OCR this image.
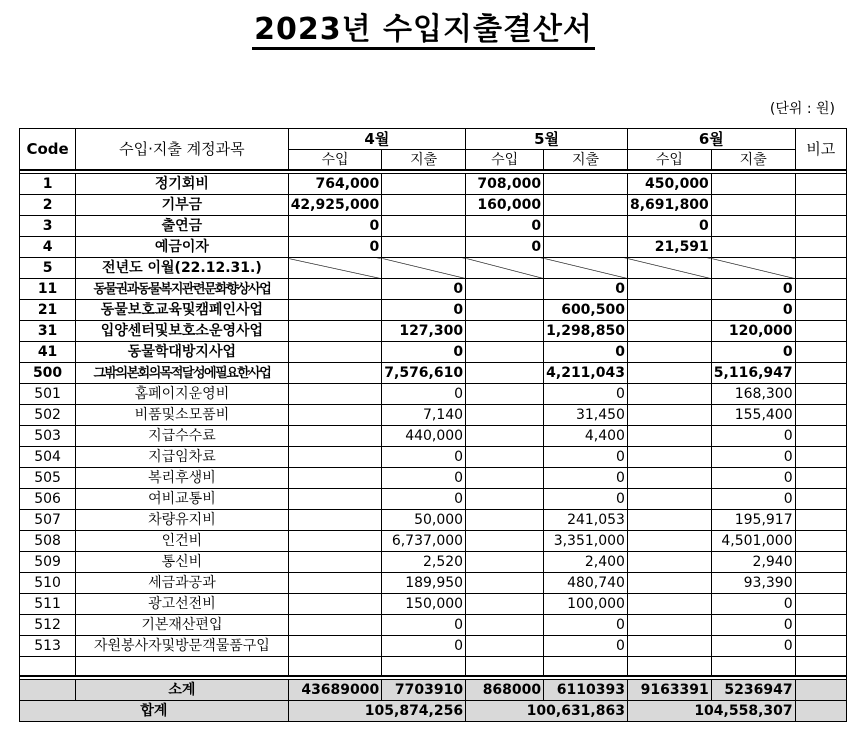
2023년 수입지출결산서
(단위 : 원)
Code	수입·지출 계정과목	4월		5월		6월		비고
		수입	지출	수입	지출	수입	지출	

1	정기회비	764,000		708,000		450,000		
2	기부금	42,925,000		160,000		8,691,800		
3	출연금	0		0		0		
4	예금이자	0		0		21,591		
5	전년도 이월(22.12.31.)							
11	동물권과동물복지관련문화향상사업		0		0		0	
21	동물보호교육및캠페인사업		0		600,500		0	
31	입양센터및보호소운영사업		127,300		1,298,850		120,000	
41	동물학대방지사업		0		0		0	
500	그밖의본회의목적달성에필요한사업		7,576,610		4,211,043		5,116,947	
501	홈페이지운영비		0		0		168,300	
502	비품및소모품비		7,140		31,450		155,400	
503	지급수수료		440,000		4,400		0	
504	지급임차료		0		0		0	
505	복리후생비		0		0		0	
506	여비교통비		0		0		0	
507	차량유지비		50,000		241,053		195,917	
508	인건비		6,737,000		3,351,000		4,501,000	
509	통신비		2,520		2,400		2,940	
510	세금과공과		189,950		480,740		93,390	
511	광고선전비		150,000		100,000		0	
512	기본재산편입		0		0		0	
513	자원봉사자및방문객물품구입		0		0		0	

	소계	43689000	7703910	868000	6110393	9163391	5236947	
합계		105,874,256		100,631,863		104,558,307		
